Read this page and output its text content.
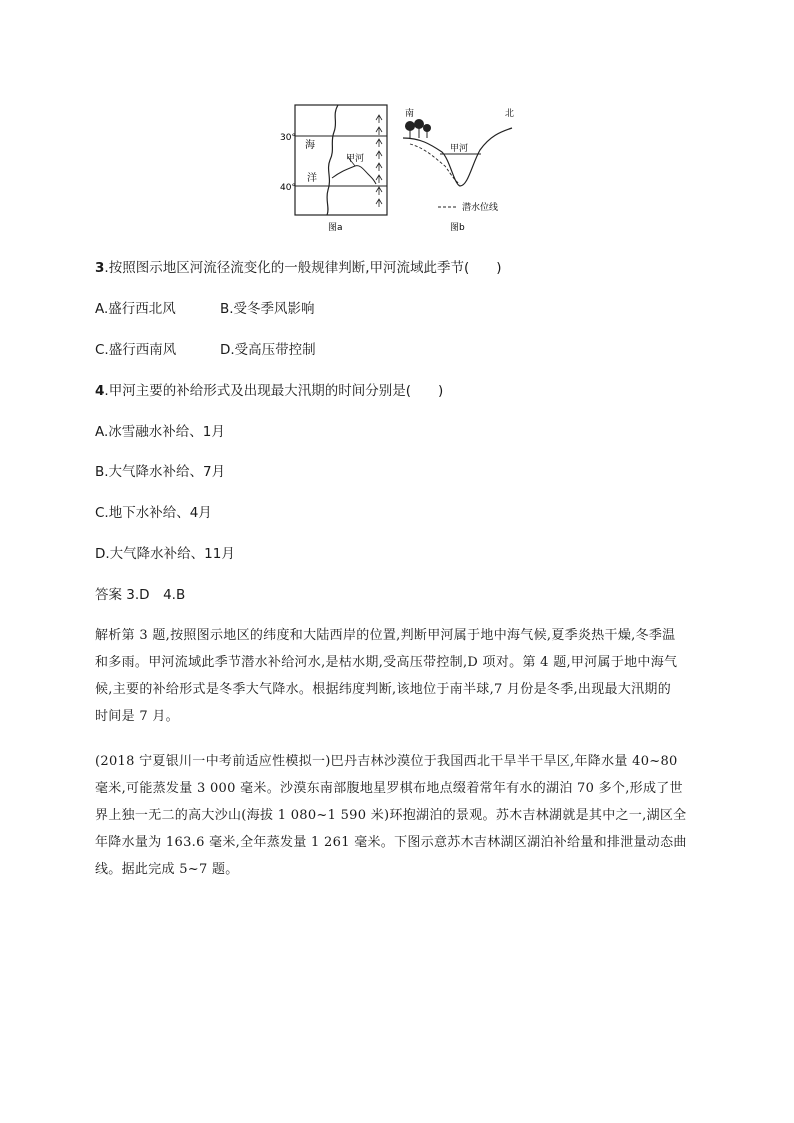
30°
40°
海
洋
甲河
图a
南	北
甲河
潜水位线
图b
3.按照图示地区河流径流变化的一般规律判断,甲河流域此季节(　　)
A.盛行西北风	B.受冬季风影响
C.盛行西南风	D.受高压带控制
4.甲河主要的补给形式及出现最大汛期的时间分别是(　　)
A.冰雪融水补给、1月
B.大气降水补给、7月
C.地下水补给、4月
D.大气降水补给、11月
答案 3.D　4.B
解析第 3 题,按照图示地区的纬度和大陆西岸的位置,判断甲河属于地中海气候,夏季炎热干燥,冬季温
和多雨。甲河流域此季节潜水补给河水,是枯水期,受高压带控制,D 项对。第 4 题,甲河属于地中海气
候,主要的补给形式是冬季大气降水。根据纬度判断,该地位于南半球,7 月份是冬季,出现最大汛期的
时间是 7 月。
(2018 宁夏银川一中考前适应性模拟一)巴丹吉林沙漠位于我国西北干旱半干旱区,年降水量 40~80
毫米,可能蒸发量 3 000 毫米。沙漠东南部腹地星罗棋布地点缀着常年有水的湖泊 70 多个,形成了世
界上独一无二的高大沙山(海拔 1 080~1 590 米)环抱湖泊的景观。苏木吉林湖就是其中之一,湖区全
年降水量为 163.6 毫米,全年蒸发量 1 261 毫米。下图示意苏木吉林湖区湖泊补给量和排泄量动态曲
线。据此完成 5~7 题。
